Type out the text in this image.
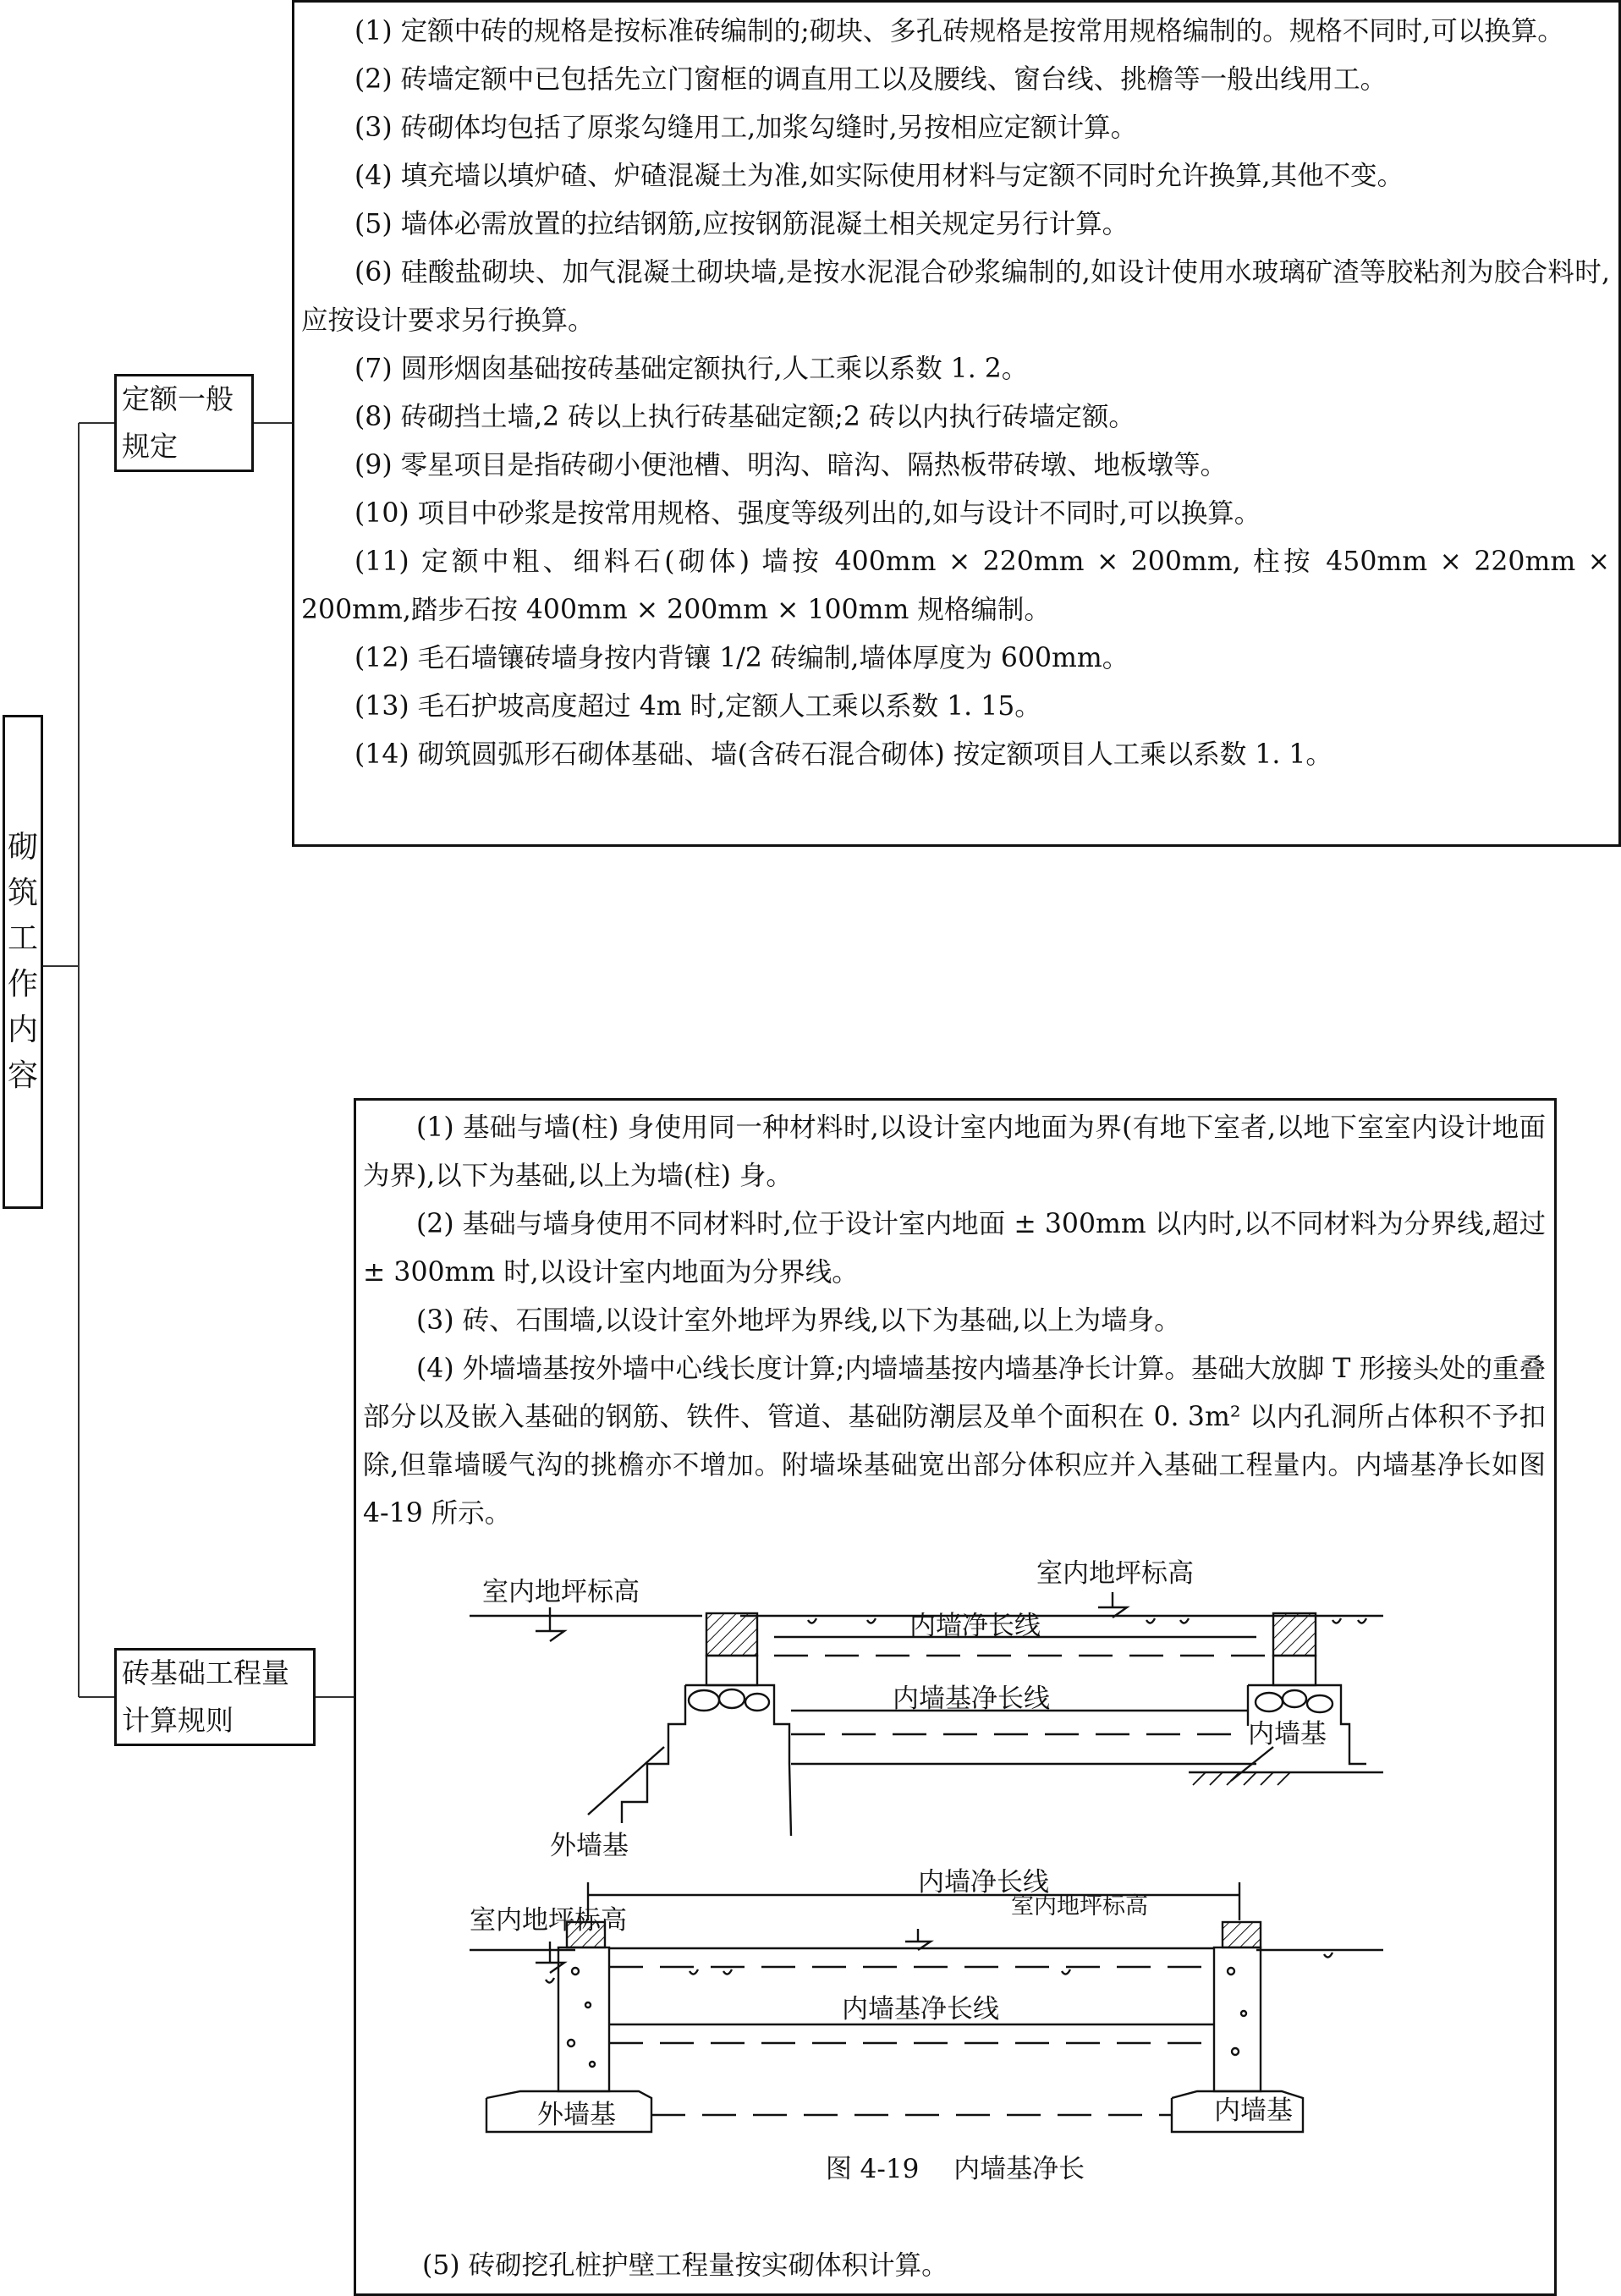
砌筑工作内容
定额一般规定
砖基础工程量计算规则

(1) 定额中砖的规格是按标准砖编制的;砌块、多孔砖规格是按常用规格编制的。规格不同时,可以换算。

(2) 砖墙定额中已包括先立门窗框的调直用工以及腰线、窗台线、挑檐等一般出线用工。

(3) 砖砌体均包括了原浆勾缝用工,加浆勾缝时,另按相应定额计算。

(4) 填充墙以填炉碴、炉碴混凝土为准,如实际使用材料与定额不同时允许换算,其他不变。

(5) 墙体必需放置的拉结钢筋,应按钢筋混凝土相关规定另行计算。

(6) 硅酸盐砌块、加气混凝土砌块墙,是按水泥混合砂浆编制的,如设计使用水玻璃矿渣等胶粘剂为胶合料时,应按设计要求另行换算。

(7) 圆形烟囱基础按砖基础定额执行,人工乘以系数 1. 2。

(8) 砖砌挡土墙,2 砖以上执行砖基础定额;2 砖以内执行砖墙定额。

(9) 零星项目是指砖砌小便池槽、明沟、暗沟、隔热板带砖墩、地板墩等。

(10) 项目中砂浆是按常用规格、强度等级列出的,如与设计不同时,可以换算。

(11) 定额中粗、细料石(砌体) 墙按 400mm × 220mm × 200mm, 柱按 450mm × 220mm × 200mm,踏步石按 400mm × 200mm × 100mm 规格编制。

(12) 毛石墙镶砖墙身按内背镶 1/2 砖编制,墙体厚度为 600mm。

(13) 毛石护坡高度超过 4m 时,定额人工乘以系数 1. 15。

(14) 砌筑圆弧形石砌体基础、墙(含砖石混合砌体) 按定额项目人工乘以系数 1. 1。

(1) 基础与墙(柱) 身使用同一种材料时,以设计室内地面为界(有地下室者,以地下室室内设计地面为界),以下为基础,以上为墙(柱) 身。

(2) 基础与墙身使用不同材料时,位于设计室内地面 ± 300mm 以内时,以不同材料为分界线,超过 ± 300mm 时,以设计室内地面为分界线。

(3) 砖、石围墙,以设计室外地坪为界线,以下为基础,以上为墙身。

(4) 外墙墙基按外墙中心线长度计算;内墙墙基按内墙基净长计算。基础大放脚 T 形接头处的重叠部分以及嵌入基础的钢筋、铁件、管道、基础防潮层及单个面积在 0. 3m² 以内孔洞所占体积不予扣除,但靠墙暖气沟的挑檐亦不增加。附墙垛基础宽出部分体积应并入基础工程量内。内墙基净长如图 4-19 所示。

室内地坪标高
室内地坪标高
内墙净长线
内墙基净长线
内墙基
外墙基
内墙净长线
室内地坪标高
室内地坪标高
内墙基净长线
外墙基	内墙基
图 4-19　 内墙基净长
(5) 砖砌挖孔桩护壁工程量按实砌体积计算。
